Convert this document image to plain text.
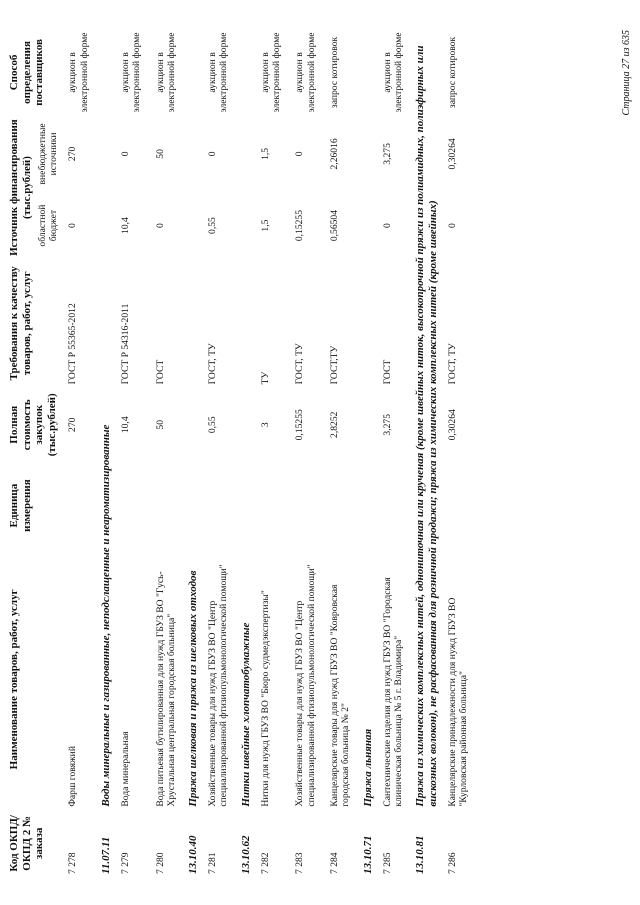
Код ОКПД/ ОКПД 2 № заказа	Наименование товаров, работ, услуг	Единица измерения	Полная стоимость закупок (тыс.рублей)	Требования к качеству товаров, работ, услуг	Источник финансирования (тыс.рублей)		Способ определения поставщиков
					областной бюджет	внебюджетные источники	
7 278	Фарш говяжий		270	ГОСТ Р 55365-2012	0	270	аукцион в электронной форме
11.07.11	Воды минеральные и газированные, неподслащенные и неароматизированные						
7 279	Вода минеральная		10,4	ГОСТ Р 54316-2011	10,4	0	аукцион в электронной форме
7 280	Вода питьевая бутилированная для нужд ГБУЗ ВО "Гусь-Хрустальная центральная городская больница"		50	ГОСТ	0	50	аукцион в электронной форме
13.10.40	Пряжа шелковая и пряжа из шелковых отходов						
7 281	Хозяйственные товары для нужд ГБУЗ ВО "Центр специализированной фтизиопульмонологической помощи"		0,55	ГОСТ, ТУ	0,55	0	аукцион в электронной форме
13.10.62	Нитки швейные хлопчатобумажные						
7 282	Нитки для нужд ГБУЗ ВО "Бюро судмедэкспертизы"		3	ТУ	1,5	1,5	аукцион в электронной форме
7 283	Хозяйственные товары для нужд ГБУЗ ВО "Центр специализированной фтизиопульмонологической помощи"		0,15255	ГОСТ, ТУ	0,15255	0	аукцион в электронной форме
7 284	Канцелярские товары для нужд ГБУЗ ВО "Ковровская городская больница № 2"		2,8252	ГОСТ,ТУ	0,56504	2,26016	запрос котировок
13.10.71	Пряжа льняная						
7 285	Сантехнические изделия для нужд ГБУЗ ВО "Городская клиническая больница № 5 г. Владимира"		3,275	ГОСТ	0	3,275	аукцион в электронной форме
13.10.81	Пряжа из химических комплексных нитей, однониточная или крученая (кроме швейных ниток, высокопрочной пряжи из полиамидных, полиэфирных или вискозных волокон), не расфасованная для розничной продажи; пряжа из химических комплексных нитей (кроме швейных)						
7 286	Канцелярские принадлежности для нужд ГБУЗ ВО "Курловская районная больница"		0,30264	ГОСТ, ТУ	0	0,30264	запрос котировок	Страница 27 из 635
